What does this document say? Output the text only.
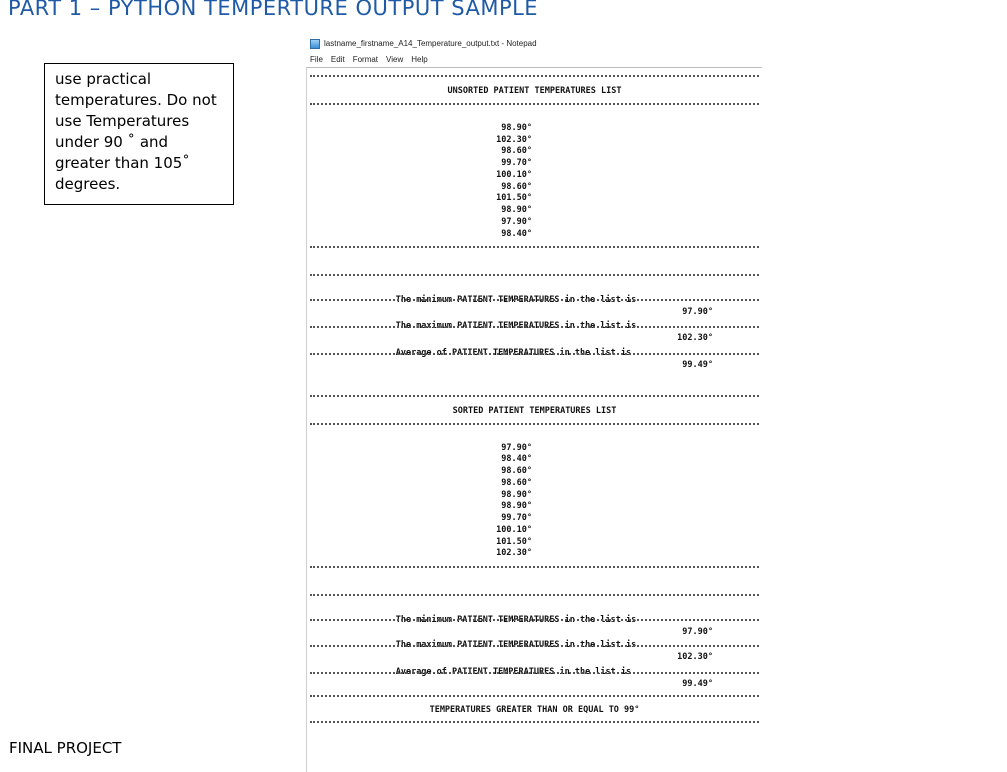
PART 1 – PYTHON TEMPERTURE OUTPUT SAMPLE
use practical temperatures. Do not use Temperatures under 90 ˚ and greater than 105˚ degrees.
FINAL PROJECT
lastname_firstname_A14_Temperature_output.txt - Notepad
File Edit Format View Help
UNSORTED PATIENT TEMPERATURES LIST
98.90°
102.30°
98.60°
99.70°
100.10°
98.60°
101.50°
98.90°
97.90°
98.40°

The minimum PATIENT TEMPERATURES in the list is

97.90°

The maximum PATIENT TEMPERATURES in the list is

102.30°

Average of PATIENT TEMPERATURES in the list is

99.49°

SORTED PATIENT TEMPERATURES LIST
97.90°
98.40°
98.60°
98.60°
98.90°
98.90°
99.70°
100.10°
101.50°
102.30°

The minimum PATIENT TEMPERATURES in the list is

97.90°

The maximum PATIENT TEMPERATURES in the list is

102.30°

Average of PATIENT TEMPERATURES in the list is

99.49°

TEMPERATURES GREATER THAN OR EQUAL TO 99°
